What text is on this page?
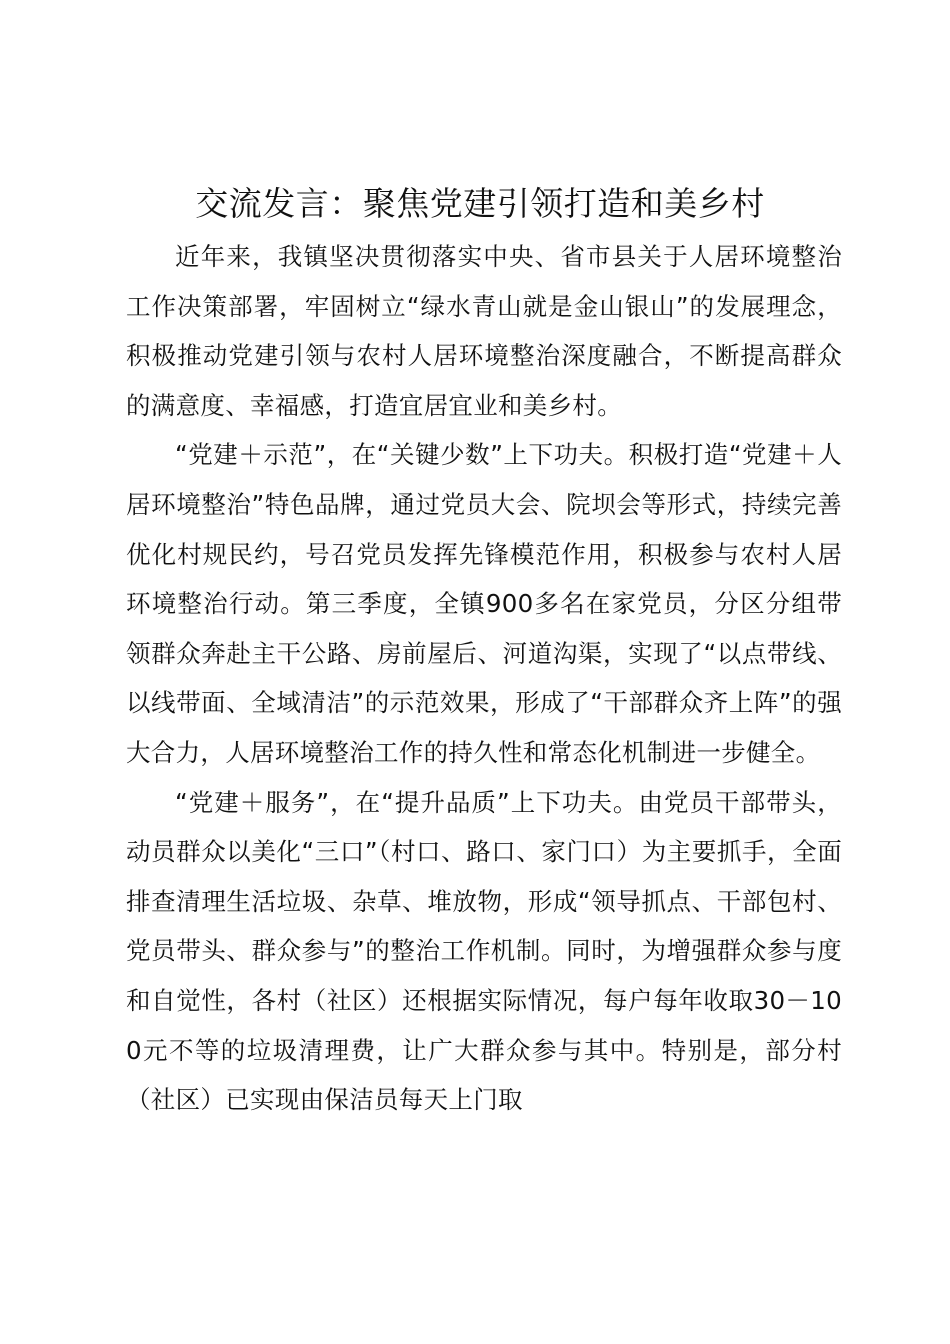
交流发言：聚焦党建引领打造和美乡村

近年来，我镇坚决贯彻落实中央、省市县关于人居环境整治工作决策部署，牢固树立“绿水青山就是金山银山”的发展理念，积极推动党建引领与农村人居环境整治深度融合，不断提高群众的满意度、幸福感，打造宜居宜业和美乡村。

“党建＋示范”，在“关键少数”上下功夫。积极打造“党建＋人居环境整治”特色品牌，通过党员大会、院坝会等形式，持续完善优化村规民约，号召党员发挥先锋模范作用，积极参与农村人居环境整治行动。第三季度，全镇900多名在家党员，分区分组带领群众奔赴主干公路、房前屋后、河道沟渠，实现了“以点带线、以线带面、全域清洁”的示范效果，形成了“干部群众齐上阵”的强大合力，人居环境整治工作的持久性和常态化机制进一步健全。

“党建＋服务”，在“提升品质”上下功夫。由党员干部带头，动员群众以美化“三口”（村口、路口、家门口）为主要抓手，全面排查清理生活垃圾、杂草、堆放物，形成“领导抓点、干部包村、党员带头、群众参与”的整治工作机制。同时，为增强群众参与度和自觉性，各村（社区）还根据实际情况，每户每年收取30－100元不等的垃圾清理费，让广大群众参与其中。特别是，部分村（社区）已实现由保洁员每天上门取
